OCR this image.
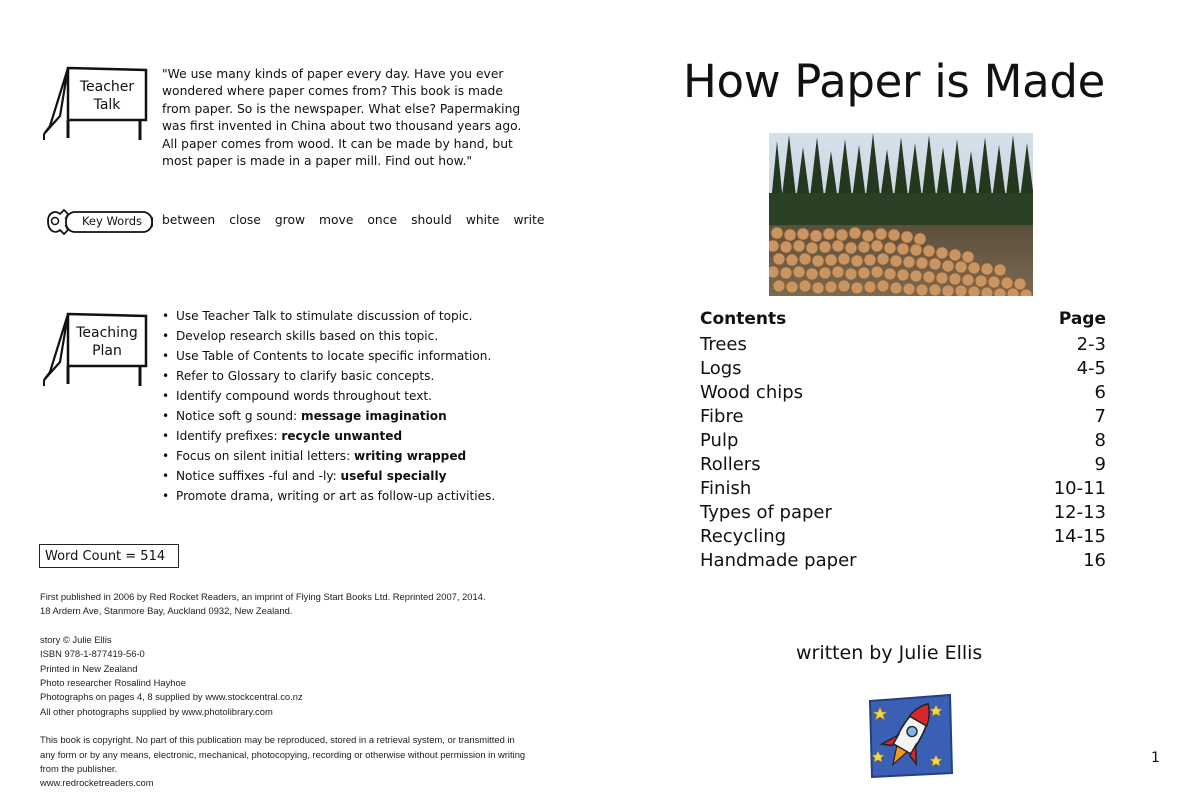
Teacher
Talk
"We use many kinds of paper every day. Have you ever
wondered where paper comes from? This book is made
from paper. So is the newspaper. What else? Papermaking
was first invented in China about two thousand years ago.
All paper comes from wood. It can be made by hand, but
most paper is made in a paper mill. Find out how."
Key Words	between close grow move once should white write
Teaching
Plan
• Use Teacher Talk to stimulate discussion of topic.
• Develop research skills based on this topic.
• Use Table of Contents to locate specific information.
• Refer to Glossary to clarify basic concepts.
• Identify compound words throughout text.
• Notice soft g sound: message imagination
• Identify prefixes: recycle unwanted
• Focus on silent initial letters: writing wrapped
• Notice suffixes -ful and -ly: useful specially
• Promote drama, writing or art as follow-up activities.
Word Count = 514
First published in 2006 by Red Rocket Readers, an imprint of Flying Start Books Ltd. Reprinted 2007, 2014.
18 Ardern Ave, Stanmore Bay, Auckland 0932, New Zealand.
story © Julie Ellis
ISBN 978-1-877419-56-0
Printed in New Zealand
Photo researcher Rosalind Hayhoe
Photographs on pages 4, 8 supplied by www.stockcentral.co.nz
All other photographs supplied by www.photolibrary.com
This book is copyright. No part of this publication may be reproduced, stored in a retrieval system, or transmitted in
any form or by any means, electronic, mechanical, photocopying, recording or otherwise without permission in writing
from the publisher.
www.redrocketreaders.com
How Paper is Made
Contents	Page
Trees	2-3
Logs	4-5
Wood chips	6
Fibre	7
Pulp	8
Rollers	9
Finish	10-11
Types of paper	12-13
Recycling	14-15
Handmade paper	16
written by Julie Ellis
1
